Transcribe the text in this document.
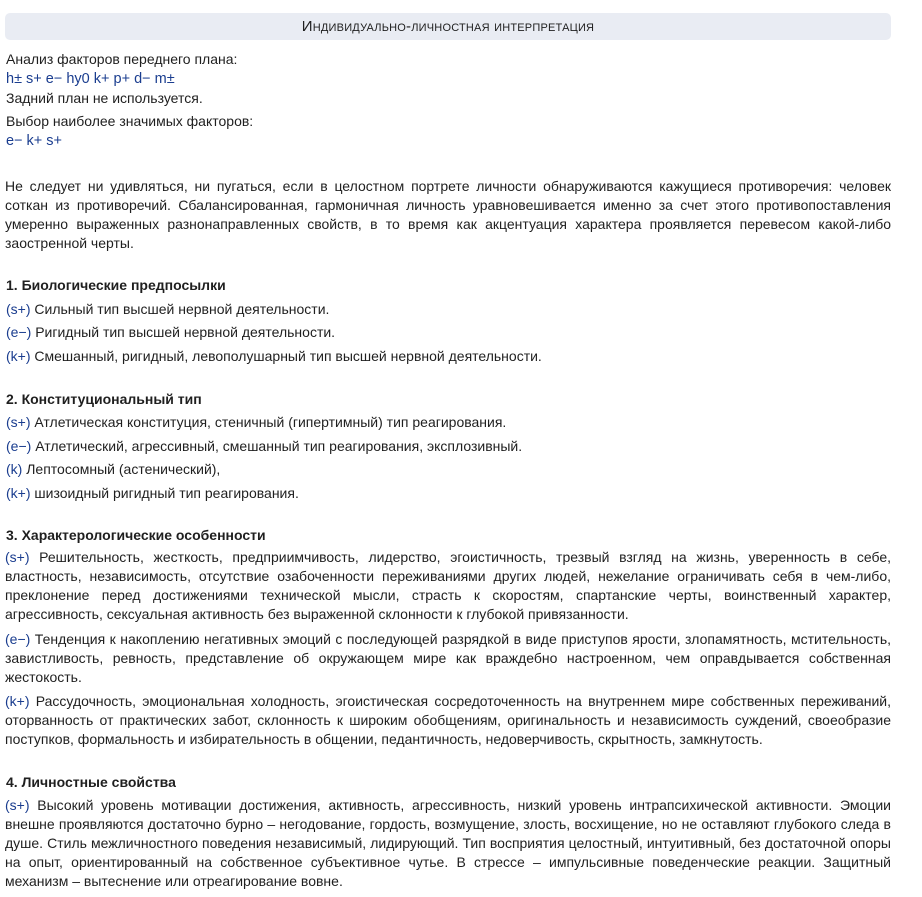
Индивидуально-личностная интерпретация
Анализ факторов переднего плана:
h± s+ e− hy0 k+ p+ d− m±
Задний план не используется.
Выбор наиболее значимых факторов:
e− k+ s+
Не следует ни удивляться, ни пугаться, если в целостном портрете личности обнаруживаются кажущиеся противоречия: человек соткан из противоречий. Сбалансированная, гармоничная личность уравновешивается именно за счет этого противопоставления умеренно выраженных разнонаправленных свойств, в то время как акцентуация характера проявляется перевесом какой-либо заостренной черты.
1. Биологические предпосылки
(s+) Сильный тип высшей нервной деятельности.
(e−) Ригидный тип высшей нервной деятельности.
(k+) Смешанный, ригидный, левополушарный тип высшей нервной деятельности.
2. Конституциональный тип
(s+) Атлетическая конституция, стеничный (гипертимный) тип реагирования.
(e−) Атлетический, агрессивный, смешанный тип реагирования, эксплозивный.
(k) Лептосомный (астенический),
(k+) шизоидный ригидный тип реагирования.
3. Характерологические особенности
(s+) Решительность, жесткость, предприимчивость, лидерство, эгоистичность, трезвый взгляд на жизнь, уверенность в себе, властность, независимость, отсутствие озабоченности переживаниями других людей, нежелание ограничивать себя в чем-либо, преклонение перед достижениями технической мысли, страсть к скоростям, спартанские черты, воинственный характер, агрессивность, сексуальная активность без выраженной склонности к глубокой привязанности.
(e−) Тенденция к накоплению негативных эмоций с последующей разрядкой в виде приступов ярости, злопамятность, мстительность, завистливость, ревность, представление об окружающем мире как враждебно настроенном, чем оправдывается собственная жестокость.
(k+) Рассудочность, эмоциональная холодность, эгоистическая сосредоточенность на внутреннем мире собственных переживаний, оторванность от практических забот, склонность к широким обобщениям, оригинальность и независимость суждений, своеобразие поступков, формальность и избирательность в общении, педантичность, недоверчивость, скрытность, замкнутость.
4. Личностные свойства
(s+) Высокий уровень мотивации достижения, активность, агрессивность, низкий уровень интрапсихической активности. Эмоции внешне проявляются достаточно бурно – негодование, гордость, возмущение, злость, восхищение, но не оставляют глубокого следа в душе. Стиль межличностного поведения независимый, лидирующий. Тип восприятия целостный, интуитивный, без достаточной опоры на опыт, ориентированный на собственное субъективное чутье. В стрессе – импульсивные поведенческие реакции. Защитный механизм – вытеснение или отреагирование вовне.
